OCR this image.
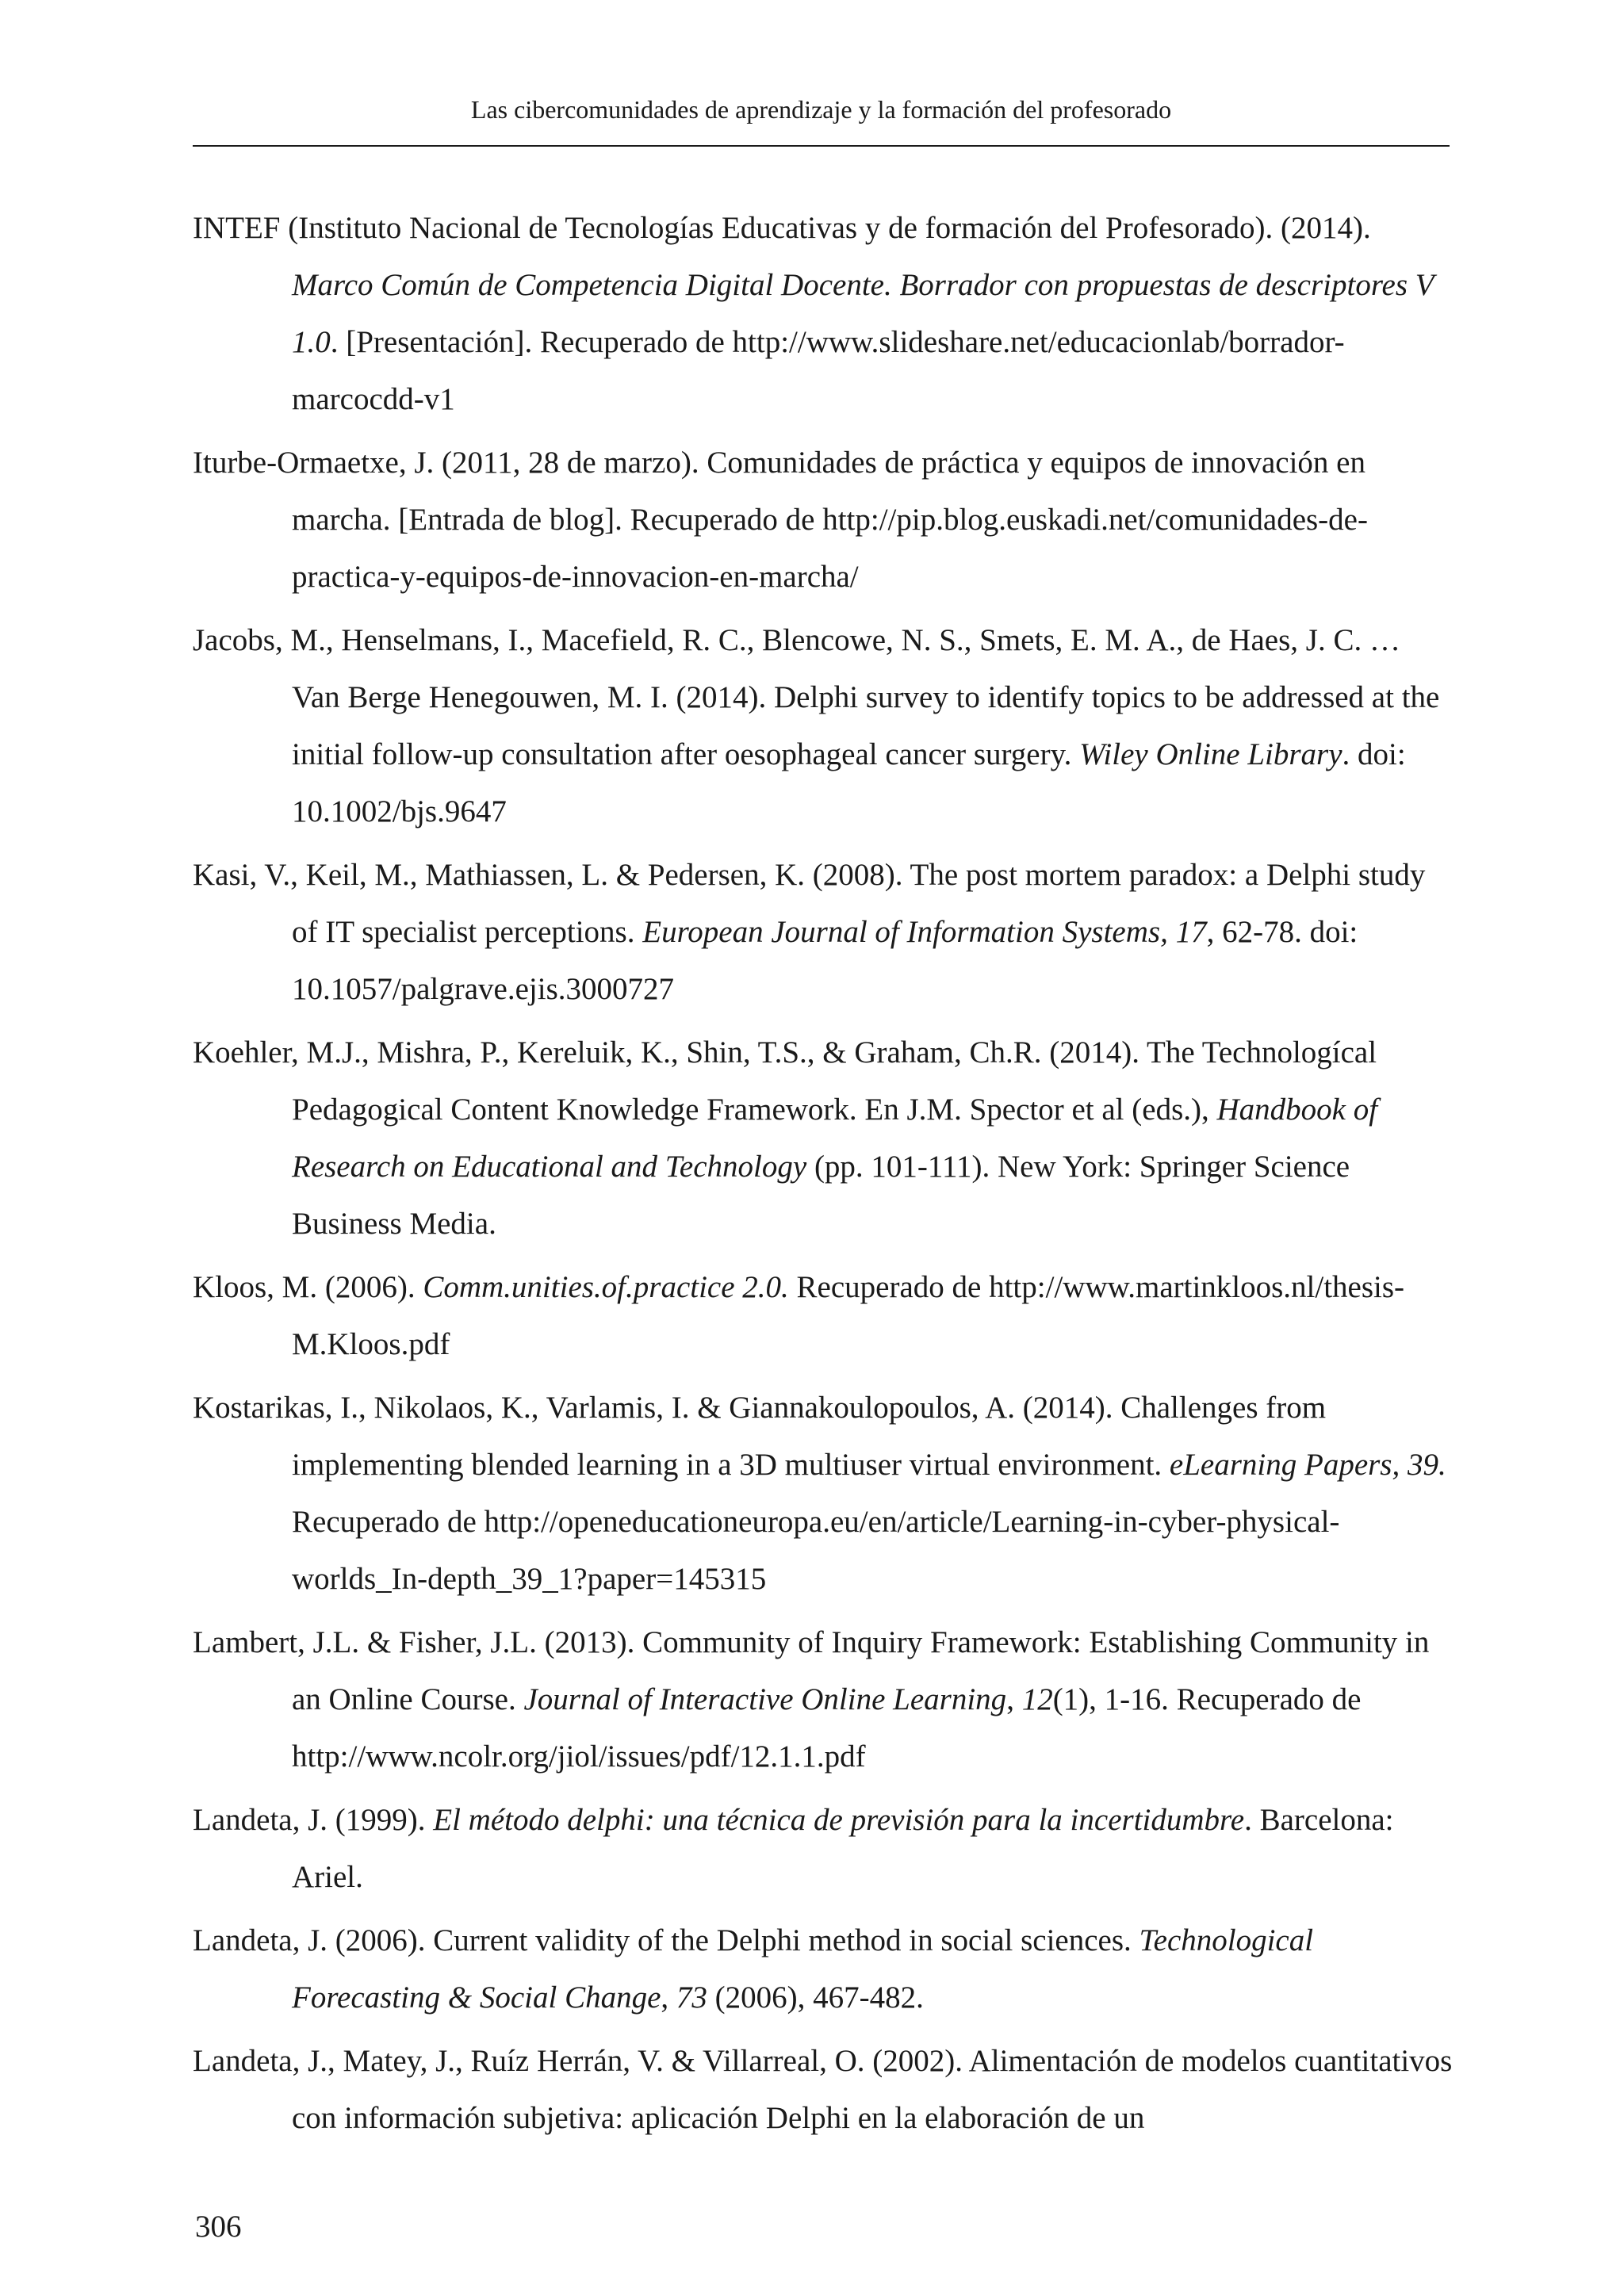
Las cibercomunidades de aprendizaje y la formación del profesorado
INTEF (Instituto Nacional de Tecnologías Educativas y de formación del Profesorado). (2014). Marco Común de Competencia Digital Docente. Borrador con propuestas de descriptores V 1.0. [Presentación]. Recuperado de http://www.slideshare.net/educacionlab/borrador-marcocdd-v1
Iturbe-Ormaetxe, J. (2011, 28 de marzo). Comunidades de práctica y equipos de innovación en marcha. [Entrada de blog]. Recuperado de http://pip.blog.euskadi.net/comunidades-de-practica-y-equipos-de-innovacion-en-marcha/
Jacobs, M., Henselmans, I., Macefield, R. C., Blencowe, N. S., Smets, E. M. A., de Haes, J. C. … Van Berge Henegouwen, M. I. (2014). Delphi survey to identify topics to be addressed at the initial follow-up consultation after oesophageal cancer surgery. Wiley Online Library. doi: 10.1002/bjs.9647
Kasi, V., Keil, M., Mathiassen, L. & Pedersen, K. (2008). The post mortem paradox: a Delphi study of IT specialist perceptions. European Journal of Information Systems, 17, 62-78. doi: 10.1057/palgrave.ejis.3000727
Koehler, M.J., Mishra, P., Kereluik, K., Shin, T.S., & Graham, Ch.R. (2014). The Technologícal Pedagogical Content Knowledge Framework. En J.M. Spector et al (eds.), Handbook of Research on Educational and Technology (pp. 101-111). New York: Springer Science Business Media.
Kloos, M. (2006). Comm.unities.of.practice 2.0. Recuperado de http://www.martinkloos.nl/thesis-M.Kloos.pdf
Kostarikas, I., Nikolaos, K., Varlamis, I. & Giannakoulopoulos, A. (2014). Challenges from implementing blended learning in a 3D multiuser virtual environment. eLearning Papers, 39. Recuperado de http://openeducationeuropa.eu/en/article/Learning-in-cyber-physical-worlds_In-depth_39_1?paper=145315
Lambert, J.L. & Fisher, J.L. (2013). Community of Inquiry Framework: Establishing Community in an Online Course. Journal of Interactive Online Learning, 12(1), 1-16. Recuperado de http://www.ncolr.org/jiol/issues/pdf/12.1.1.pdf
Landeta, J. (1999). El método delphi: una técnica de previsión para la incertidumbre. Barcelona: Ariel.
Landeta, J. (2006). Current validity of the Delphi method in social sciences. Technological Forecasting & Social Change, 73 (2006), 467-482.
Landeta, J., Matey, J., Ruíz Herrán, V. & Villarreal, O. (2002). Alimentación de modelos cuantitativos con información subjetiva: aplicación Delphi en la elaboración de un
306
